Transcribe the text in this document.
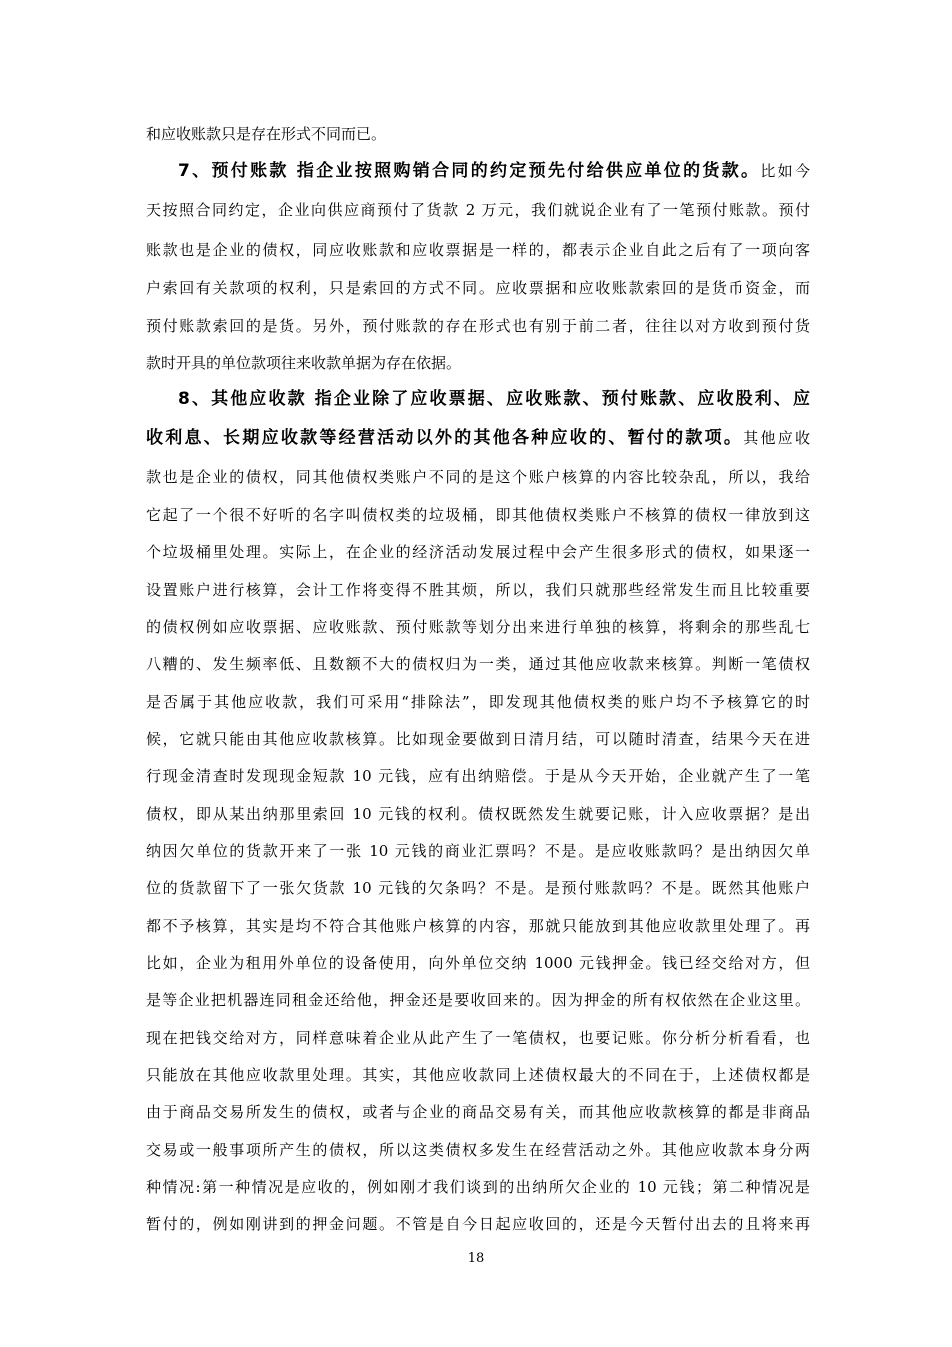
和应收账款只是存在形式不同而已。
7、预付账款 指企业按照购销合同的约定预先付给供应单位的货款。比如今
天按照合同约定，企业向供应商预付了货款 2 万元，我们就说企业有了一笔预付账款。预付
账款也是企业的债权，同应收账款和应收票据是一样的，都表示企业自此之后有了一项向客
户索回有关款项的权利，只是索回的方式不同。应收票据和应收账款索回的是货币资金，而
预付账款索回的是货。另外，预付账款的存在形式也有别于前二者，往往以对方收到预付货
款时开具的单位款项往来收款单据为存在依据。
8、其他应收款 指企业除了应收票据、应收账款、预付账款、应收股利、应
收利息、长期应收款等经营活动以外的其他各种应收的、暂付的款项。其他应收
款也是企业的债权，同其他债权类账户不同的是这个账户核算的内容比较杂乱，所以，我给
它起了一个很不好听的名字叫债权类的垃圾桶，即其他债权类账户不核算的债权一律放到这
个垃圾桶里处理。实际上，在企业的经济活动发展过程中会产生很多形式的债权，如果逐一
设置账户进行核算，会计工作将变得不胜其烦，所以，我们只就那些经常发生而且比较重要
的债权例如应收票据、应收账款、预付账款等划分出来进行单独的核算，将剩余的那些乱七
八糟的、发生频率低、且数额不大的债权归为一类，通过其他应收款来核算。判断一笔债权
是否属于其他应收款，我们可采用“排除法”，即发现其他债权类的账户均不予核算它的时
候，它就只能由其他应收款核算。比如现金要做到日清月结，可以随时清查，结果今天在进
行现金清查时发现现金短款 10 元钱，应有出纳赔偿。于是从今天开始，企业就产生了一笔
债权，即从某出纳那里索回 10 元钱的权利。债权既然发生就要记账，计入应收票据？是出
纳因欠单位的货款开来了一张 10 元钱的商业汇票吗？不是。是应收账款吗？是出纳因欠单
位的货款留下了一张欠货款 10 元钱的欠条吗？不是。是预付账款吗？不是。既然其他账户
都不予核算，其实是均不符合其他账户核算的内容，那就只能放到其他应收款里处理了。再
比如，企业为租用外单位的设备使用，向外单位交纳 1000 元钱押金。钱已经交给对方，但
是等企业把机器连同租金还给他，押金还是要收回来的。因为押金的所有权依然在企业这里。
现在把钱交给对方，同样意味着企业从此产生了一笔债权，也要记账。你分析分析看看，也
只能放在其他应收款里处理。其实，其他应收款同上述债权最大的不同在于，上述债权都是
由于商品交易所发生的债权，或者与企业的商品交易有关，而其他应收款核算的都是非商品
交易或一般事项所产生的债权，所以这类债权多发生在经营活动之外。其他应收款本身分两
种情况:第一种情况是应收的，例如刚才我们谈到的出纳所欠企业的 10 元钱；第二种情况是
暂付的，例如刚讲到的押金问题。不管是自今日起应收回的，还是今天暂付出去的且将来再
18
